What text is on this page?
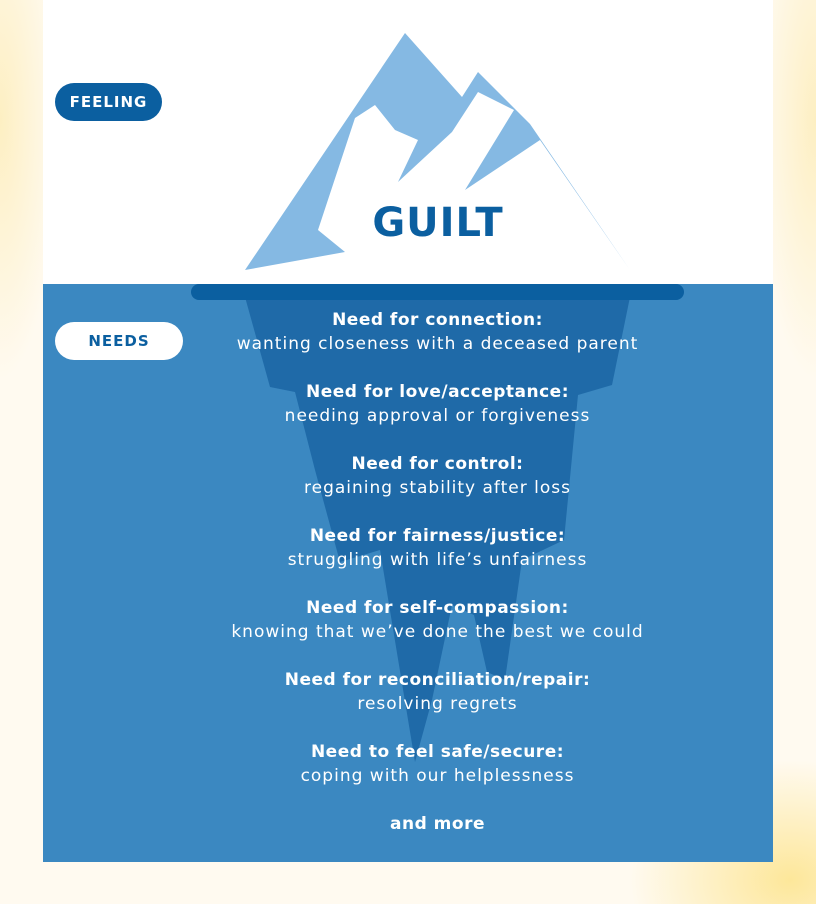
FEELING
GUILT
NEEDS
Need for connection:
wanting closeness with a deceased parent
Need for love/acceptance:
needing approval or forgiveness
Need for control:
regaining stability after loss
Need for fairness/justice:
struggling with life’s unfairness
Need for self-compassion:
knowing that we’ve done the best we could
Need for reconciliation/repair:
resolving regrets
Need to feel safe/secure:
coping with our helplessness
and more
